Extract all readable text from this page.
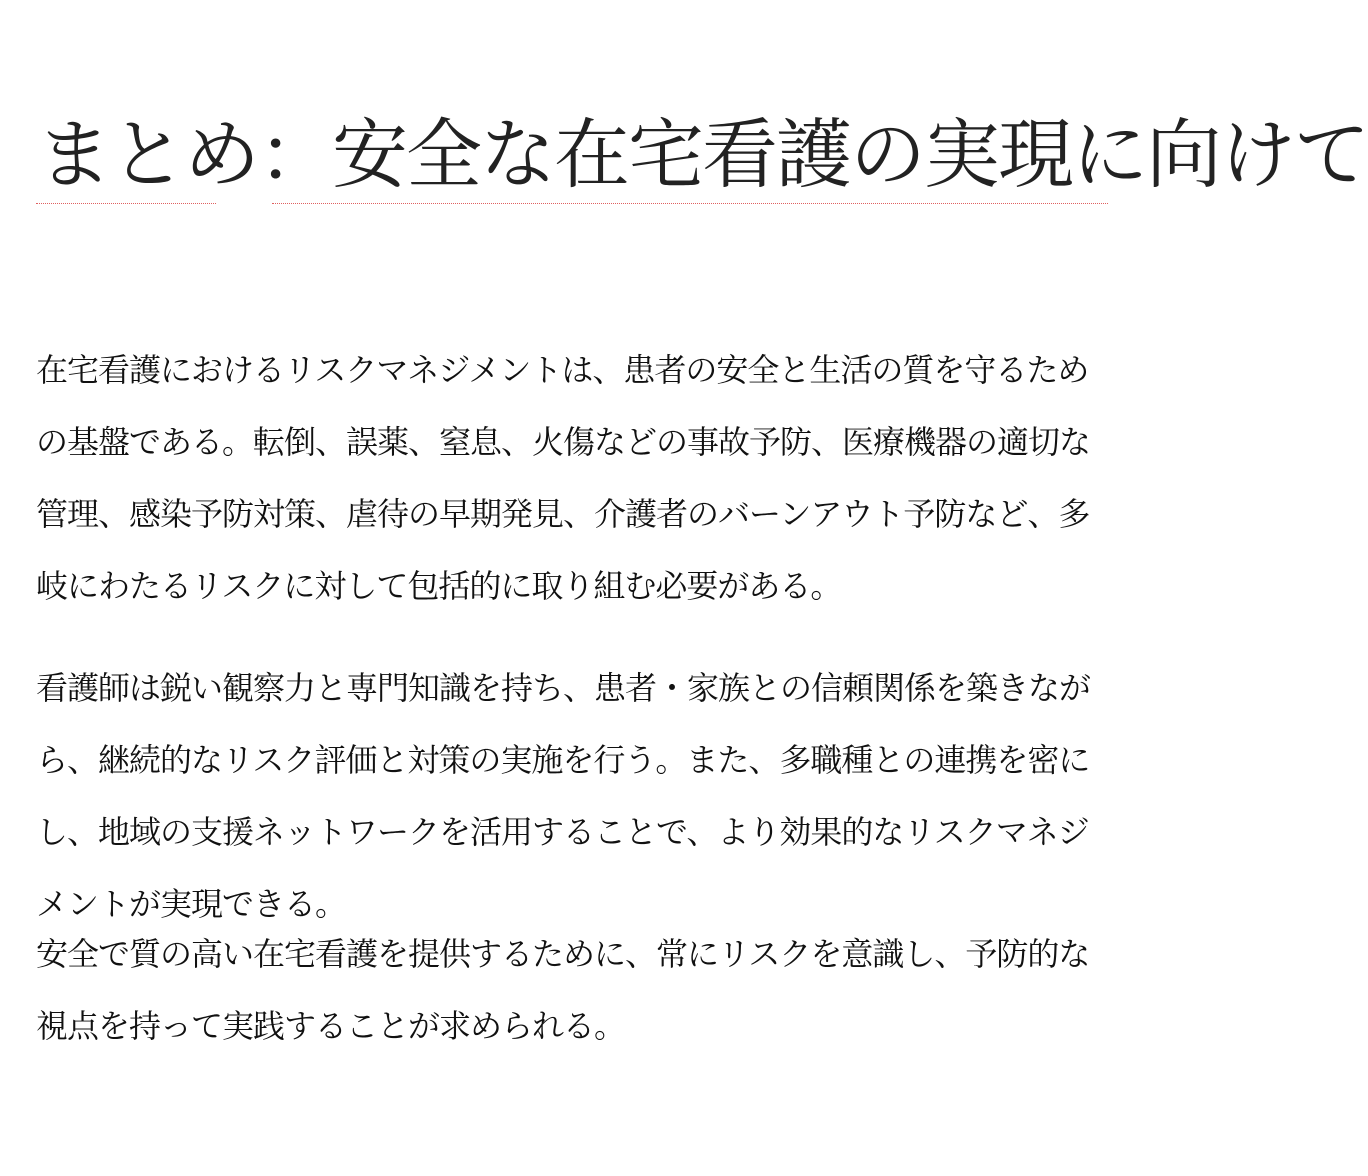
まとめ：安全な在宅看護の実現に向けて

在宅看護におけるリスクマネジメントは、患者の安全と生活の質を守るための基盤である。転倒、誤薬、窒息、火傷などの事故予防、医療機器の適切な管理、感染予防対策、虐待の早期発見、介護者のバーンアウト予防など、多岐にわたるリスクに対して包括的に取り組む必要がある。

看護師は鋭い観察力と専門知識を持ち、患者・家族との信頼関係を築きながら、継続的なリスク評価と対策の実施を行う。また、多職種との連携を密にし、地域の支援ネットワークを活用することで、より効果的なリスクマネジメントが実現できる。

安全で質の高い在宅看護を提供するために、常にリスクを意識し、予防的な視点を持って実践することが求められる。
